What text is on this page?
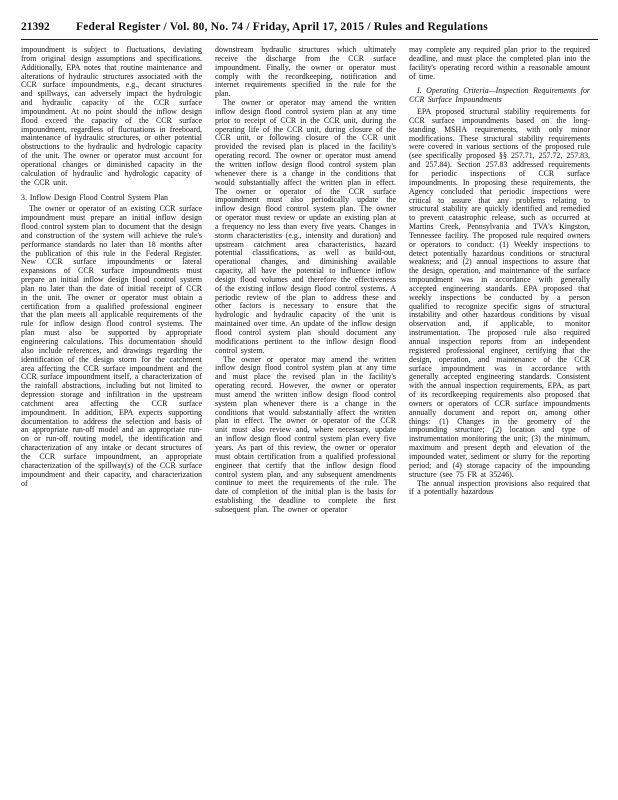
21392	Federal Register / Vol. 80, No. 74 / Friday, April 17, 2015 / Rules and Regulations

impoundment is subject to fluctuations, deviating from original design assumptions and specifications. Additionally, EPA notes that routine maintenance and alterations of hydraulic structures associated with the CCR surface impoundments, e.g., decant structures and spillways, can adversely impact the hydrologic and hydraulic capacity of the CCR surface impoundment. At no point should the inflow design flood exceed the capacity of the CCR surface impoundment, regardless of fluctuations in freeboard, maintenance of hydraulic structures, or other potential obstructions to the hydraulic and hydrologic capacity of the unit. The owner or operator must account for operational changes or diminished capacity in the calculation of hydraulic and hydrologic capacity of the CCR unit.

3. Inflow Design Flood Control System Plan

The owner or operator of an existing CCR surface impoundment must prepare an initial inflow design flood control system plan to document that the design and construction of the system will achieve the rule's performance standards no later than 18 months after the publication of this rule in the Federal Register. New CCR surface impoundments or lateral expansions of CCR surface impoundments must prepare an initial inflow design flood control system plan no later than the date of initial receipt of CCR in the unit. The owner or operator must obtain a certification from a qualified professional engineer that the plan meets all applicable requirements of the rule for inflow design flood control systems. The plan must also be supported by appropriate engineering calculations. This documentation should also include references, and drawings regarding the identification of the design storm for the catchment area affecting the CCR surface impoundment and the CCR surface impoundment itself, a characterization of the rainfall abstractions, including but not limited to depression storage and infiltration in the upstream catchment area affecting the CCR surface impoundment. In addition, EPA expects supporting documentation to address the selection and basis of an appropriate run-off model and an appropriate run-on or run-off routing model, the identification and characterization of any intake or decant structures of the CCR surface impoundment, an appropriate characterization of the spillway(s) of the CCR surface impoundment and their capacity, and characterization of

downstream hydraulic structures which ultimately receive the discharge from the CCR surface impoundment. Finally, the owner or operator must comply with the recordkeeping, notification and internet requirements specified in the rule for the plan.

The owner or operator may amend the written inflow design flood control system plan at any time prior to receipt of CCR in the CCR unit, during the operating life of the CCR unit, during closure of the CCR unit, or following closure of the CCR unit provided the revised plan is placed in the facility's operating record. The owner or operator must amend the written inflow design flood control system plan whenever there is a change in the conditions that would substantially affect the written plan in effect. The owner or operator of the CCR surface impoundment must also periodically update the inflow design flood control system plan. The owner or operator must review or update an existing plan at a frequency no less than every five years. Changes in storm characteristics (e.g., intensity and duration) and upstream catchment area characteristics, hazard potential classifications, as well as build-out, operational changes, and diminishing available capacity, all have the potential to influence inflow design flood volumes and therefore the effectiveness of the existing inflow design flood control systems. A periodic review of the plan to address these and other factors is necessary to ensure that the hydrologic and hydraulic capacity of the unit is maintained over time. An update of the inflow design flood control system plan should document any modifications pertinent to the inflow design flood control system.

The owner or operator may amend the written inflow design flood control system plan at any time and must place the revised plan in the facility's operating record. However, the owner or operator must amend the written inflow design flood control system plan whenever there is a change in the conditions that would substantially affect the written plan in effect. The owner or operator of the CCR unit must also review and, where necessary, update an inflow design flood control system plan every five years. As part of this review, the owner or operator must obtain certification from a qualified professional engineer that certify that the inflow design flood control system plan, and any subsequent amendments continue to meet the requirements of the rule. The date of completion of the initial plan is the basis for establishing the deadline to complete the first subsequent plan. The owner or operator

may complete any required plan prior to the required deadline, and must place the completed plan into the facility's operating record within a reasonable amount of time.

I. Operating Criteria—Inspection Requirements for CCR Surface Impoundments

EPA proposed structural stability requirements for CCR surface impoundments based on the long-standing MSHA requirements, with only minor modifications. These structural stability requirements were covered in various sections of the proposed rule (see specifically proposed §§ 257.71, 257.72, 257.83, and 257.84). Section 257.83 addressed requirements for periodic inspections of CCR surface impoundments. In proposing these requirements, the Agency concluded that periodic inspections were critical to assure that any problems relating to structural stability are quickly identified and remedied to prevent catastrophic release, such as occurred at Martins Creek, Pennsylvania and TVA's Kingston, Tennessee facility. The proposed rule required owners or operators to conduct: (1) Weekly inspections to detect potentially hazardous conditions or structural weakness; and (2) annual inspections to assure that the design, operation, and maintenance of the surface impoundment was in accordance with generally accepted engineering standards. EPA proposed that weekly inspections be conducted by a person qualified to recognize specific signs of structural instability and other hazardous conditions by visual observation and, if applicable, to monitor instrumentation. The proposed rule also required annual inspection reports from an independent registered professional engineer, certifying that the design, operation, and maintenance of the CCR surface impoundment was in accordance with generally accepted engineering standards. Consistent with the annual inspection requirements, EPA, as part of its recordkeeping requirements also proposed that owners or operators of CCR surface impoundments annually document and report on, among other things: (1) Changes in the geometry of the impounding structure; (2) location and type of instrumentation monitoring the unit; (3) the minimum, maximum and present depth and elevation of the impounded water, sediment or slurry for the reporting period; and (4) storage capacity of the impounding structure (see 75 FR at 35246).

The annual inspection provisions also required that if a potentially hazardous
